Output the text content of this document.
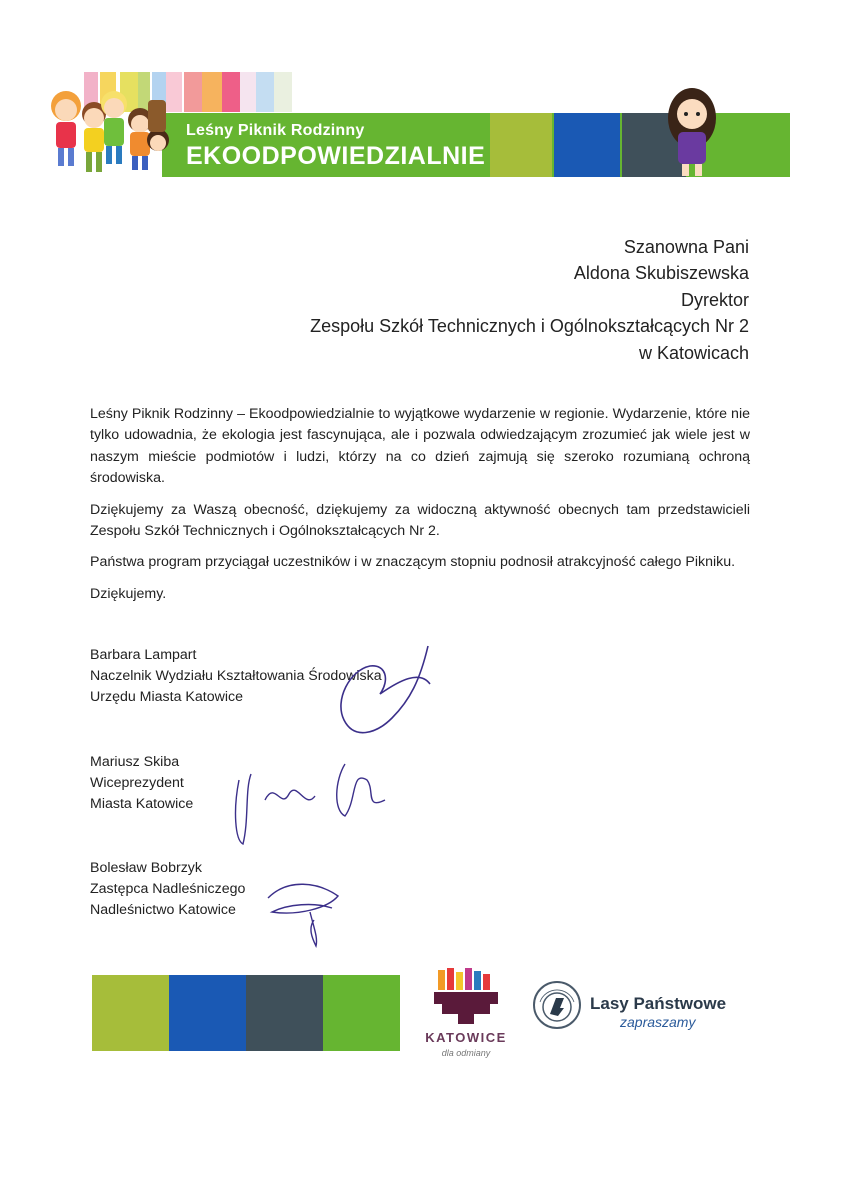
Leśny Piknik Rodzinny
EKOODPOWIEDZIALNIE
Szanowna Pani
Aldona Skubiszewska
Dyrektor
Zespołu Szkół Technicznych i Ogólnokształcących Nr 2
w Katowicach

Leśny Piknik Rodzinny – Ekoodpowiedzialnie to wyjątkowe wydarzenie w regionie. Wydarzenie, które nie tylko udowadnia, że ekologia jest fascynująca, ale i pozwala odwiedzającym zrozumieć jak wiele jest w naszym mieście podmiotów i ludzi, którzy na co dzień zajmują się szeroko rozumianą ochroną środowiska.

Dziękujemy za Waszą obecność, dziękujemy za widoczną aktywność obecnych tam przedstawicieli Zespołu Szkół Technicznych i Ogólnokształcących Nr 2.

Państwa program przyciągał uczestników i w znaczącym stopniu podnosił atrakcyjność całego Pikniku.

Dziękujemy.

Barbara Lampart
Naczelnik Wydziału Kształtowania Środowiska
Urzędu Miasta Katowice
Mariusz Skiba
Wiceprezydent
Miasta Katowice
Bolesław Bobrzyk
Zastępca Nadleśniczego
Nadleśnictwo Katowice
KATOWICE
dla odmiany
Lasy Państwowe
zapraszamy
